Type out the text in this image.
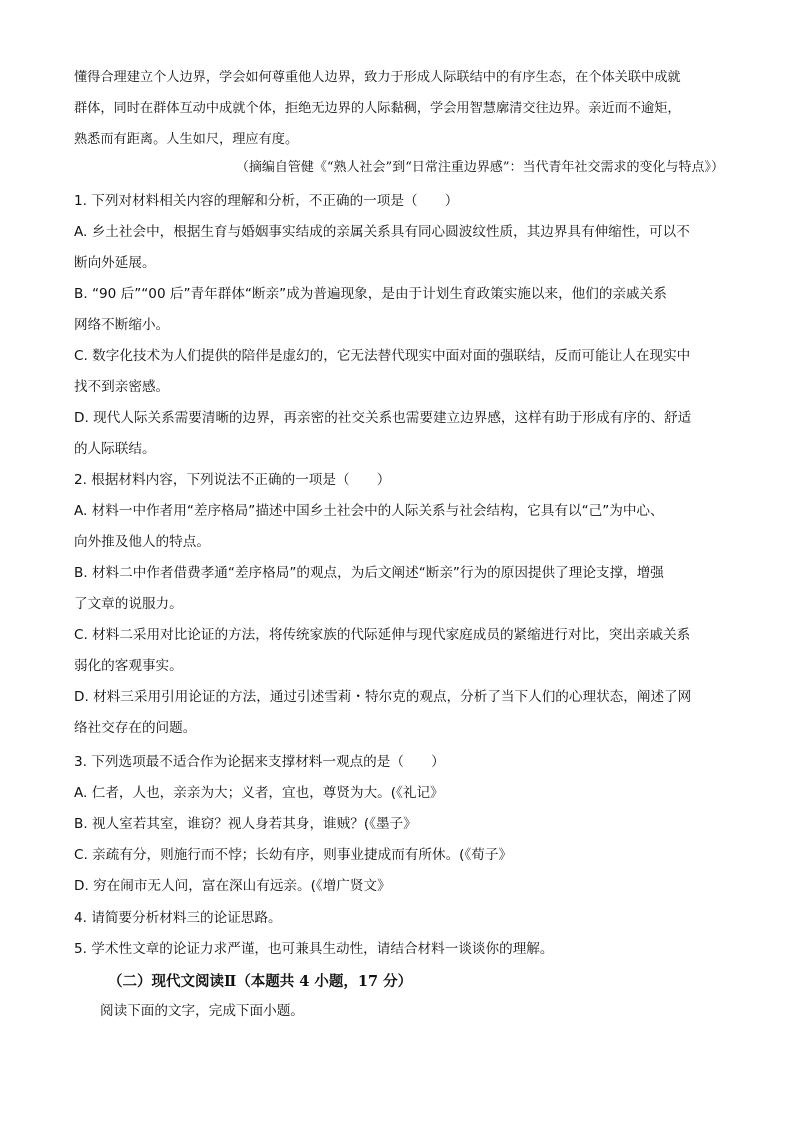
懂得合理建立个人边界，学会如何尊重他人边界，致力于形成人际联结中的有序生态，在个体关联中成就

群体，同时在群体互动中成就个体，拒绝无边界的人际黏稠，学会用智慧廓清交往边界。亲近而不逾矩，

熟悉而有距离。人生如尺，理应有度。

（摘编自管健《“熟人社会”到“日常注重边界感”：当代青年社交需求的变化与特点》）

1. 下列对材料相关内容的理解和分析，不正确的一项是（　　）

A. 乡土社会中，根据生育与婚姻事实结成的亲属关系具有同心圆波纹性质，其边界具有伸缩性，可以不

断向外延展。

B. “90 后”“00 后”青年群体“断亲”成为普遍现象，是由于计划生育政策实施以来，他们的亲戚关系

网络不断缩小。

C. 数字化技术为人们提供的陪伴是虚幻的，它无法替代现实中面对面的强联结，反而可能让人在现实中

找不到亲密感。

D. 现代人际关系需要清晰的边界，再亲密的社交关系也需要建立边界感，这样有助于形成有序的、舒适

的人际联结。

2. 根据材料内容，下列说法不正确的一项是（　　）

A. 材料一中作者用“差序格局”描述中国乡土社会中的人际关系与社会结构，它具有以“己”为中心、

向外推及他人的特点。

B. 材料二中作者借费孝通“差序格局”的观点，为后文阐述“断亲”行为的原因提供了理论支撑，增强

了文章的说服力。

C. 材料二采用对比论证的方法，将传统家族的代际延伸与现代家庭成员的紧缩进行对比，突出亲戚关系

弱化的客观事实。

D. 材料三采用引用论证的方法，通过引述雪莉・特尔克的观点，分析了当下人们的心理状态，阐述了网

络社交存在的问题。

3. 下列选项最不适合作为论据来支撑材料一观点的是（　　）

A. 仁者，人也，亲亲为大；义者，宜也，尊贤为大。(《礼记》

B. 视人室若其室，谁窃？视人身若其身，谁贼？(《墨子》

C. 亲疏有分，则施行而不悖；长幼有序，则事业捷成而有所休。(《荀子》

D. 穷在闹市无人问，富在深山有远亲。(《增广贤文》

4. 请简要分析材料三的论证思路。

5. 学术性文章的论证力求严谨，也可兼具生动性，请结合材料一谈谈你的理解。

（二）现代文阅读Ⅱ（本题共 4 小题，17 分）
阅读下面的文字，完成下面小题。
